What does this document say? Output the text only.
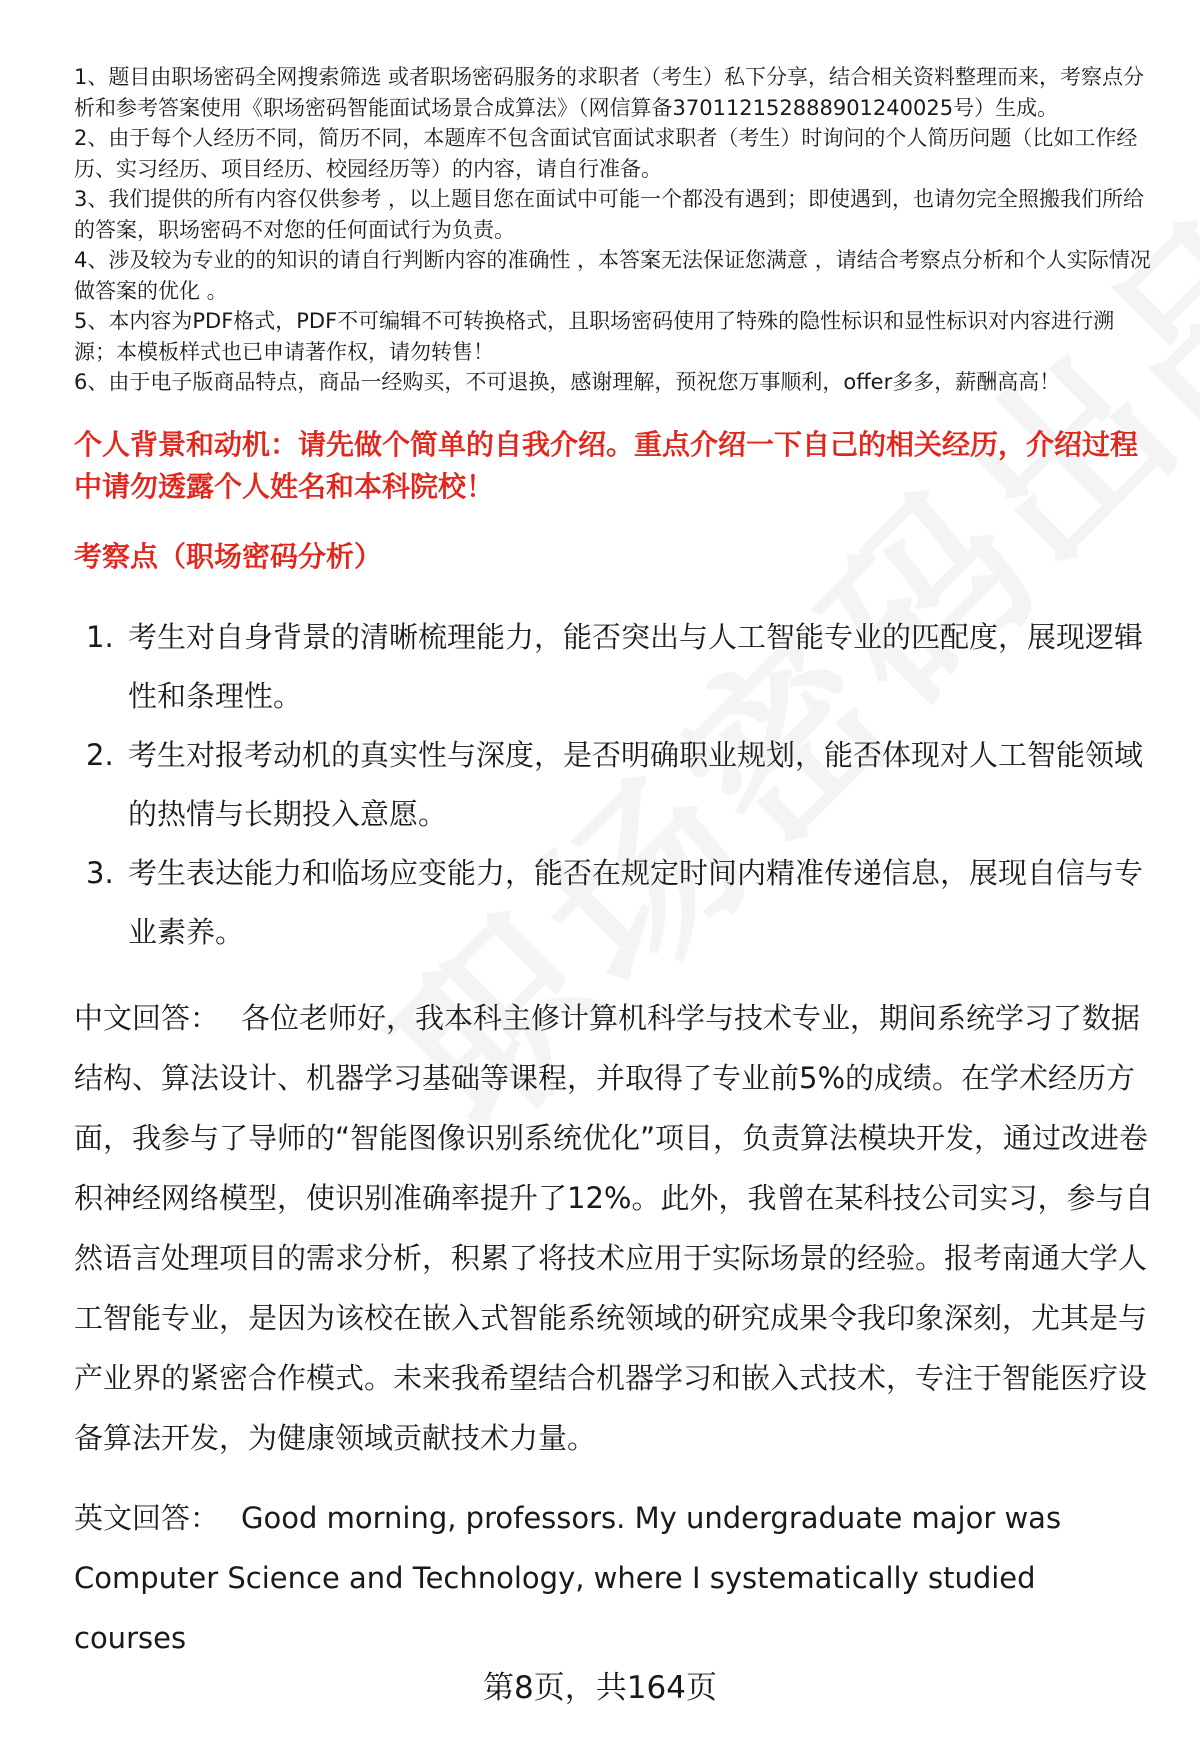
1、题目由职场密码全网搜索筛选 或者职场密码服务的求职者（考生）私下分享，结合相关资料整理而来，考察点分析和参考答案使用《职场密码智能面试场景合成算法》（网信算备370112152888901240025号）生成。

2、由于每个人经历不同，简历不同，本题库不包含面试官面试求职者（考生）时询问的个人简历问题（比如工作经历、实习经历、项目经历、校园经历等）的内容，请自行准备。

3、我们提供的所有内容仅供参考 ，以上题目您在面试中可能一个都没有遇到；即使遇到，也请勿完全照搬我们所给的答案，职场密码不对您的任何面试行为负责。

4、涉及较为专业的的知识的请自行判断内容的准确性 ，本答案无法保证您满意 ，请结合考察点分析和个人实际情况做答案的优化 。

5、本内容为PDF格式，PDF不可编辑不可转换格式，且职场密码使用了特殊的隐性标识和显性标识对内容进行溯源；本模板样式也已申请著作权，请勿转售！

6、由于电子版商品特点，商品一经购买，不可退换，感谢理解，预祝您万事顺利，offer多多，薪酬高高！

个人背景和动机：请先做个简单的自我介绍。重点介绍一下自己的相关经历，介绍过程中请勿透露个人姓名和本科院校！

考察点（职场密码分析）

1. 考生对自身背景的清晰梳理能力，能否突出与人工智能专业的匹配度，展现逻辑性和条理性。
2. 考生对报考动机的真实性与深度，是否明确职业规划，能否体现对人工智能领域的热情与长期投入意愿。
3. 考生表达能力和临场应变能力，能否在规定时间内精准传递信息，展现自信与专业素养。

中文回答： 各位老师好，我本科主修计算机科学与技术专业，期间系统学习了数据结构、算法设计、机器学习基础等课程，并取得了专业前5%的成绩。在学术经历方面，我参与了导师的“智能图像识别系统优化”项目，负责算法模块开发，通过改进卷积神经网络模型，使识别准确率提升了12%。此外，我曾在某科技公司实习，参与自然语言处理项目的需求分析，积累了将技术应用于实际场景的经验。报考南通大学人工智能专业，是因为该校在嵌入式智能系统领域的研究成果令我印象深刻，尤其是与产业界的紧密合作模式。未来我希望结合机器学习和嵌入式技术，专注于智能医疗设备算法开发，为健康领域贡献技术力量。

英文回答： Good morning, professors. My undergraduate major was Computer Science and Technology, where I systematically studied courses

第8页，共164页
